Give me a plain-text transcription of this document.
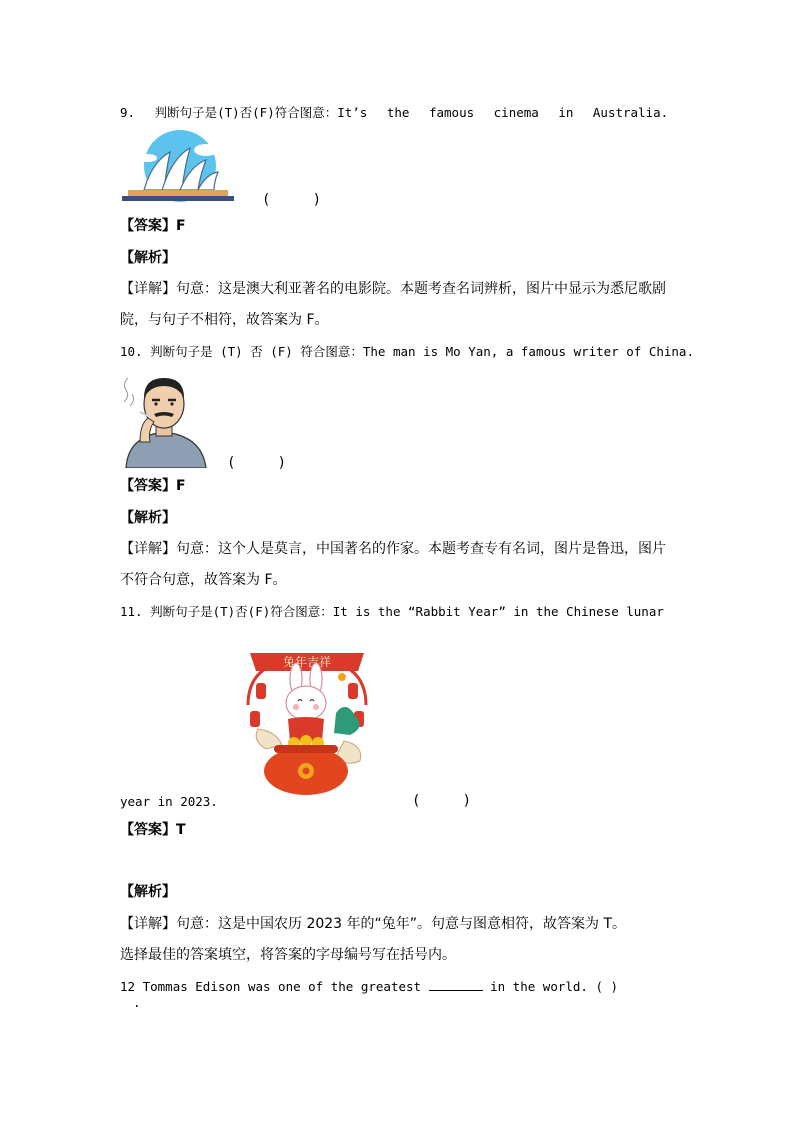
9. 判断句子是(T)否(F)符合图意：It’s the famous cinema in Australia.
(     )
【答案】F
【解析】
【详解】句意：这是澳大利亚著名的电影院。本题考查名词辨析，图片中显示为悉尼歌剧
院，与句子不相符，故答案为 F。
10. 判断句子是 (T) 否 (F) 符合图意：The man is Mo Yan, a famous writer of China.
(     )
【答案】F
【解析】
【详解】句意：这个人是莫言，中国著名的作家。本题考查专有名词，图片是鲁迅，图片
不符合句意，故答案为 F。
11. 判断句子是(T)否(F)符合图意：It is the “Rabbit Year” in the Chinese lunar
兔年吉祥
year in 2023.	(     )
【答案】T
【解析】
【详解】句意：这是中国农历 2023 年的“兔年”。句意与图意相符，故答案为 T。
选择最佳的答案填空，将答案的字母编号写在括号内。
12 Tommas Edison was one of the greatest	in the world. ( )
.
